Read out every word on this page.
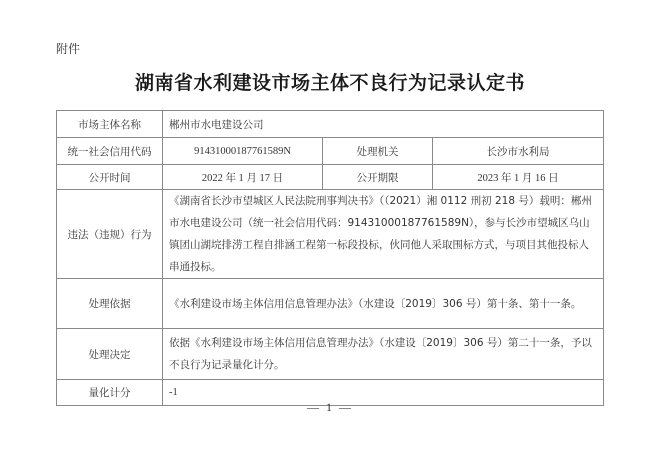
附件
湖南省水利建设市场主体不良行为记录认定书
市场主体名称	郴州市水电建设公司		
统一社会信用代码	91431000187761589N	处理机关	长沙市水利局
公开时间	2022 年 1 月 17 日	公开期限	2023 年 1 月 16 日
违法（违规）行为	《湖南省长沙市望城区人民法院刑事判决书》（（2021）湘 0112 刑初 218 号）载明：郴州市水电建设公司（统一社会信用代码：91431000187761589N），参与长沙市望城区乌山镇团山湖垸排涝工程自排涵工程第一标段投标，伙同他人采取围标方式，与项目其他投标人串通投标。		
处理依据	《水利建设市场主体信用信息管理办法》（水建设〔2019〕306 号）第十条、第十一条。		
处理决定	依据《水利建设市场主体信用信息管理办法》（水建设〔2019〕306 号）第二十一条，予以不良行为记录量化计分。		
量化计分	-1		
— 1 —
